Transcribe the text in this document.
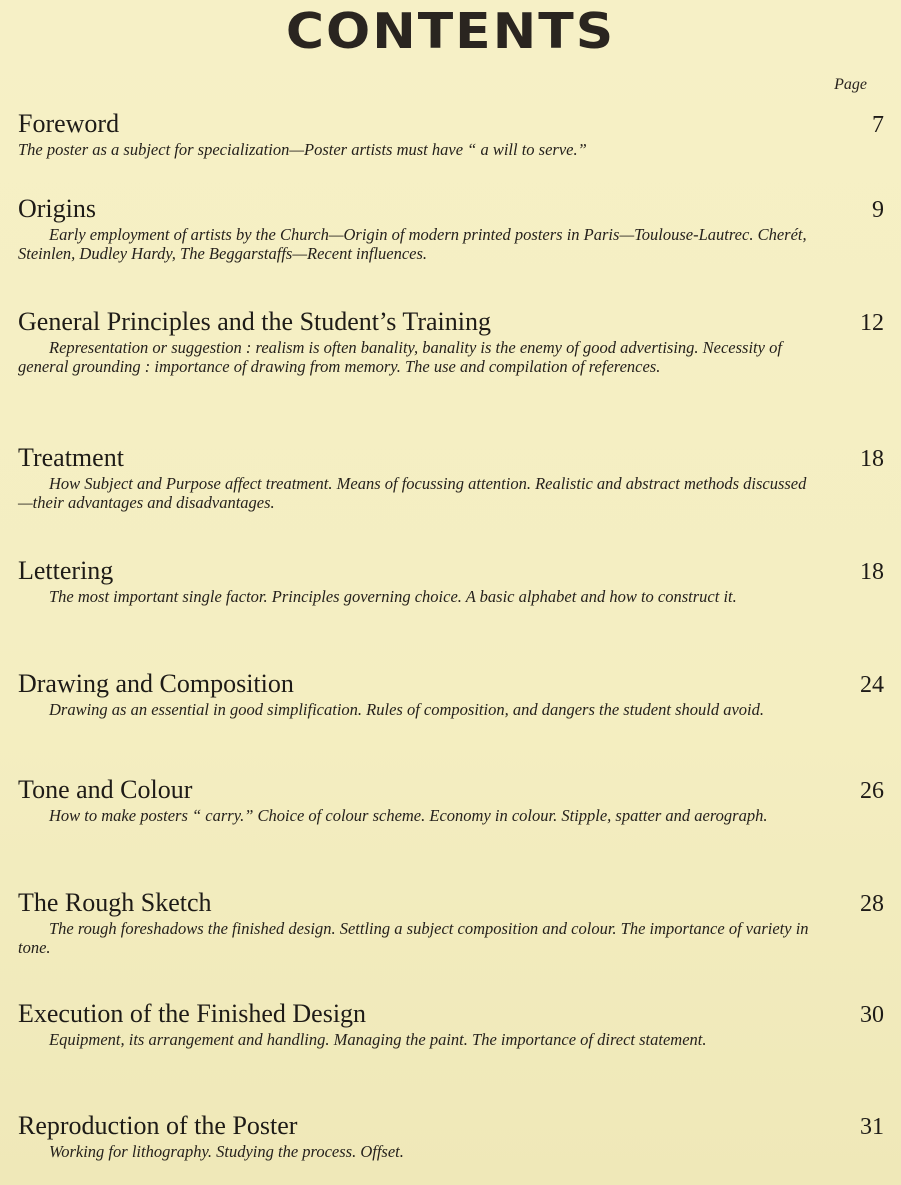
CONTENTS
Page
Foreword	7
The poster as a subject for specialization—Poster artists must have “ a will to serve.”
Origins	9
Early employment of artists by the Church—Origin of modern printed posters in Paris—Toulouse-Lautrec. Cherét, Steinlen, Dudley Hardy, The Beggarstaffs—Recent influences.
General Principles and the Student’s Training	12
Representation or suggestion : realism is often banality, banality is the enemy of good advertising. Necessity of general grounding : importance of drawing from memory. The use and compilation of references.
Treatment	18
How Subject and Purpose affect treatment. Means of focussing attention. Realistic and abstract methods discussed—their advantages and disadvantages.
Lettering	18
The most important single factor. Principles governing choice. A basic alphabet and how to construct it.
Drawing and Composition	24
Drawing as an essential in good simplification. Rules of composition, and dangers the student should avoid.
Tone and Colour	26
How to make posters “ carry.” Choice of colour scheme. Economy in colour. Stipple, spatter and aerograph.
The Rough Sketch	28
The rough foreshadows the finished design. Settling a subject composition and colour. The importance of variety in tone.
Execution of the Finished Design	30
Equipment, its arrangement and handling. Managing the paint. The importance of direct statement.
Reproduction of the Poster	31
Working for lithography. Studying the process. Offset.
